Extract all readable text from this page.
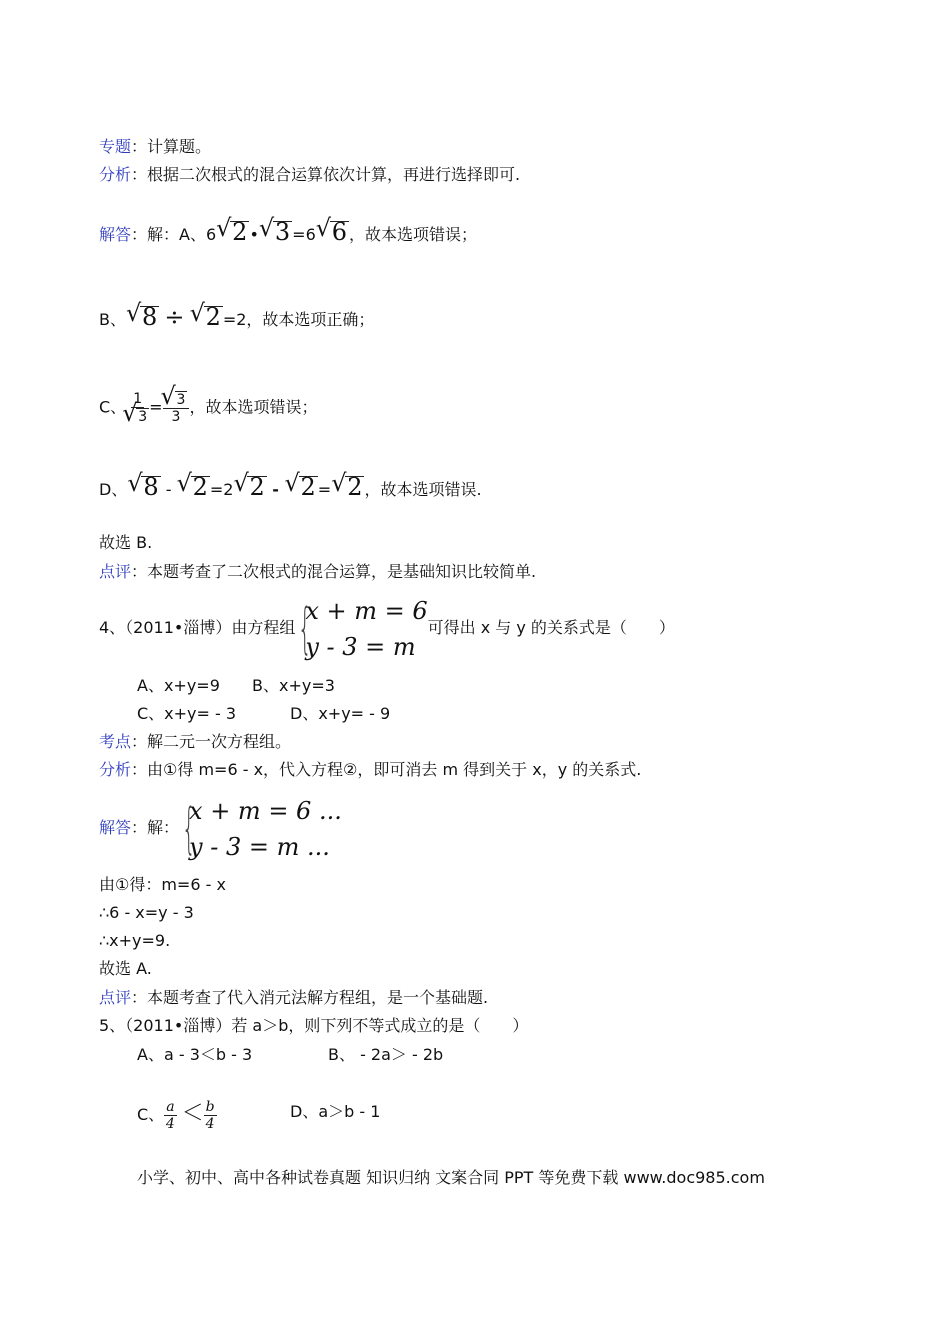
专题：计算题。
分析：根据二次根式的混合运算依次计算，再进行选择即可.
解答：解：A、6 √ 2 • √ 3 =6 √ 6 ，故本选项错误；
B、 √ 8 ÷ √ 2 =2，故本选项正确；
C、 1
√ 3 = √ $\frac{3}{3}$ ，故本选项错误；
D、 √ 8 - √ 2 =2 √ 2 - √ 2 = √ 2 ，故本选项错误.
故选 B.
点评：本题考查了二次根式的混合运算，是基础知识比较简单.
4、（2011•淄博）由方程组 {
x + m = 6
y - 3 = m
可得出 x 与 y 的关系式是（　　）
A、x+y=9 B、x+y=3
C、x+y= - 3	D、x+y= - 9
考点：解二元一次方程组。
分析：由①得 m=6 - x，代入方程②，即可消去 m 得到关于 x，y 的关系式.
解答：解： {
x + m = 6 ...
y - 3 = m ...
由①得：m=6 - x
∴6 - x=y - 3
∴x+y=9.
故选 A.
点评：本题考查了代入消元法解方程组，是一个基础题.
5、（2011•淄博）若 a＞b，则下列不等式成立的是（　　）
A、a - 3＜b - 3	B、 - 2a＞ - 2b
C、 $\frac{a}{4} < \frac{b}{4}$	D、a＞b - 1
小学、初中、高中各种试卷真题 知识归纳 文案合同 PPT 等免费下载 www.doc985.com
